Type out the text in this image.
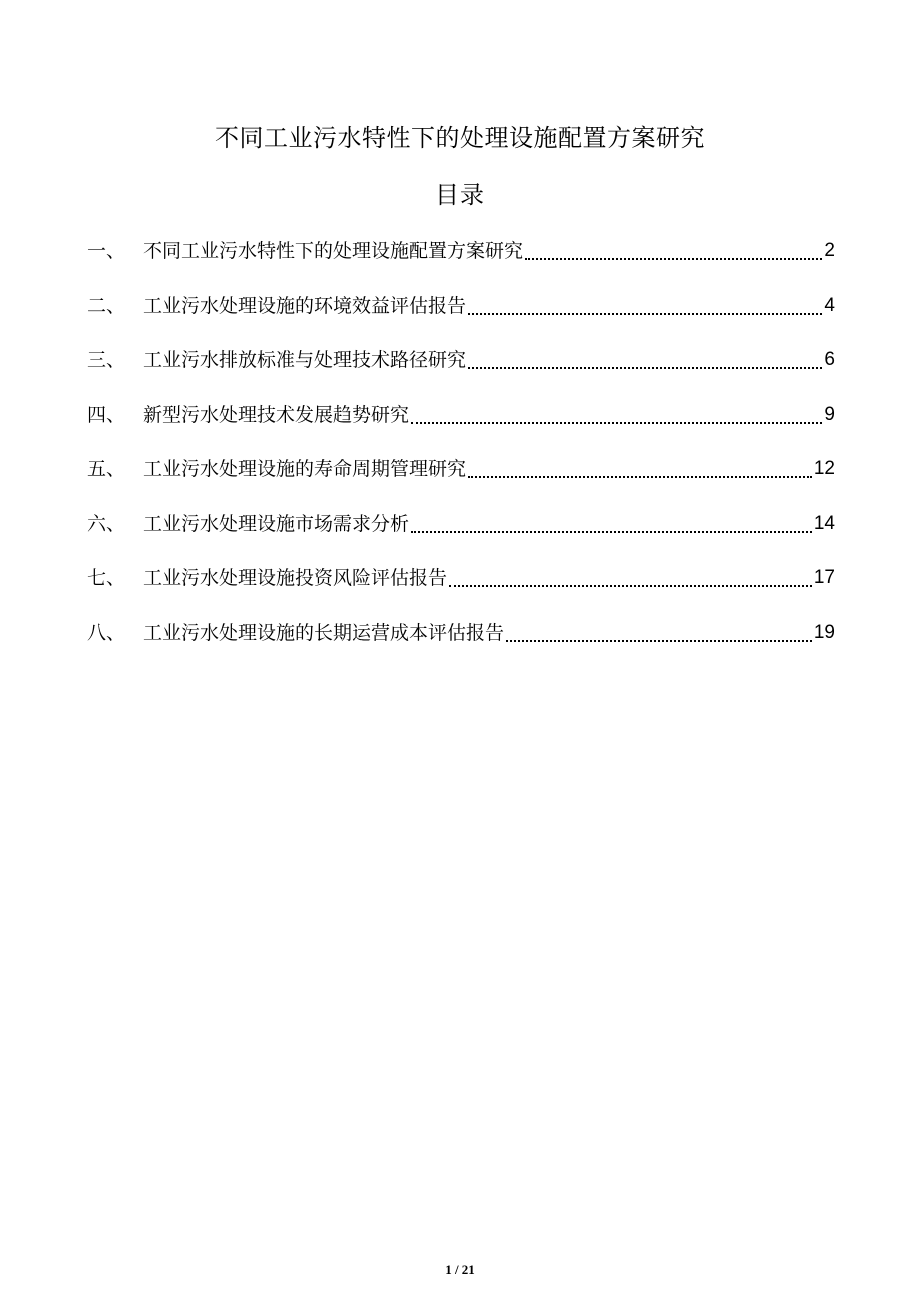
不同工业污水特性下的处理设施配置方案研究
目录
一、 不同工业污水特性下的处理设施配置方案研究	2
二、 工业污水处理设施的环境效益评估报告	4
三、 工业污水排放标准与处理技术路径研究	6
四、 新型污水处理技术发展趋势研究	9
五、 工业污水处理设施的寿命周期管理研究	12
六、 工业污水处理设施市场需求分析	14
七、 工业污水处理设施投资风险评估报告	17
八、 工业污水处理设施的长期运营成本评估报告	19
1 / 21
